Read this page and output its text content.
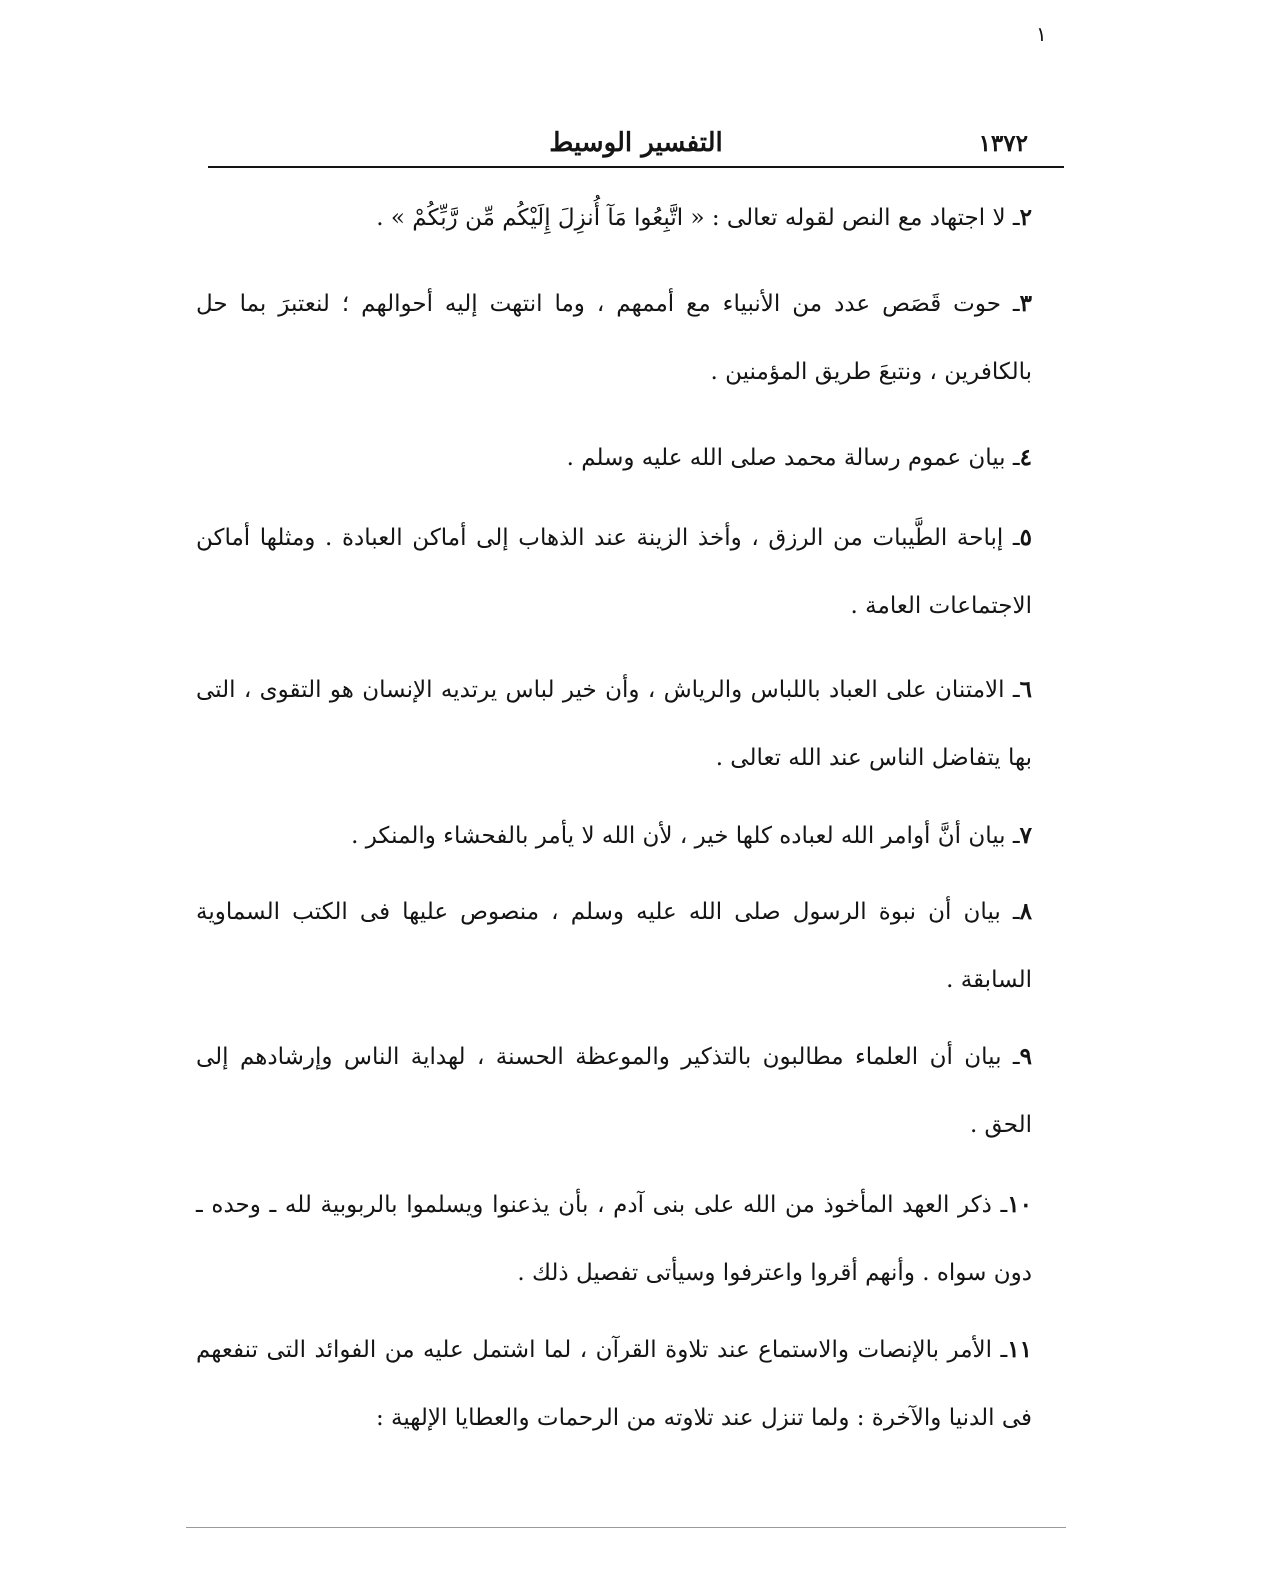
۱
١٣٧٢
التفسير الوسيط

٢ـ لا اجتهاد مع النص لقوله تعالى : « اتَّبِعُوا مَآ أُنزِلَ إِلَيْكُم مِّن رَّبِّكُمْ » .

٣ـ حوت قَصَص عدد من الأنبياء مع أممهم ، وما انتهت إليه أحوالهم ؛ لنعتبرَ بما حل بالكافرين ، ونتبعَ طريق المؤمنين .

٤ـ بيان عموم رسالة محمد صلى الله عليه وسلم .

٥ـ إباحة الطَّيبات من الرزق ، وأخذ الزينة عند الذهاب إلى أماكن العبادة . ومثلها أماكن الاجتماعات العامة .

٦ـ الامتنان على العباد باللباس والرياش ، وأن خير لباس يرتديه الإنسان هو التقوى ، التى بها يتفاضل الناس عند الله تعالى .

٧ـ بيان أنَّ أوامر الله لعباده كلها خير ، لأن الله لا يأمر بالفحشاء والمنكر .

٨ـ بيان أن نبوة الرسول صلى الله عليه وسلم ، منصوص عليها فى الكتب السماوية السابقة .

٩ـ بيان أن العلماء مطالبون بالتذكير والموعظة الحسنة ، لهداية الناس وإرشادهم إلى الحق .

١٠ـ ذكر العهد المأخوذ من الله على بنى آدم ، بأن يذعنوا ويسلموا بالربوبية لله ـ وحده ـ دون سواه . وأنهم أقروا واعترفوا وسيأتى تفصيل ذلك .

١١ـ الأمر بالإنصات والاستماع عند تلاوة القرآن ، لما اشتمل عليه من الفوائد التى تنفعهم فى الدنيا والآخرة : ولما تنزل عند تلاوته من الرحمات والعطايا الإلهية :
